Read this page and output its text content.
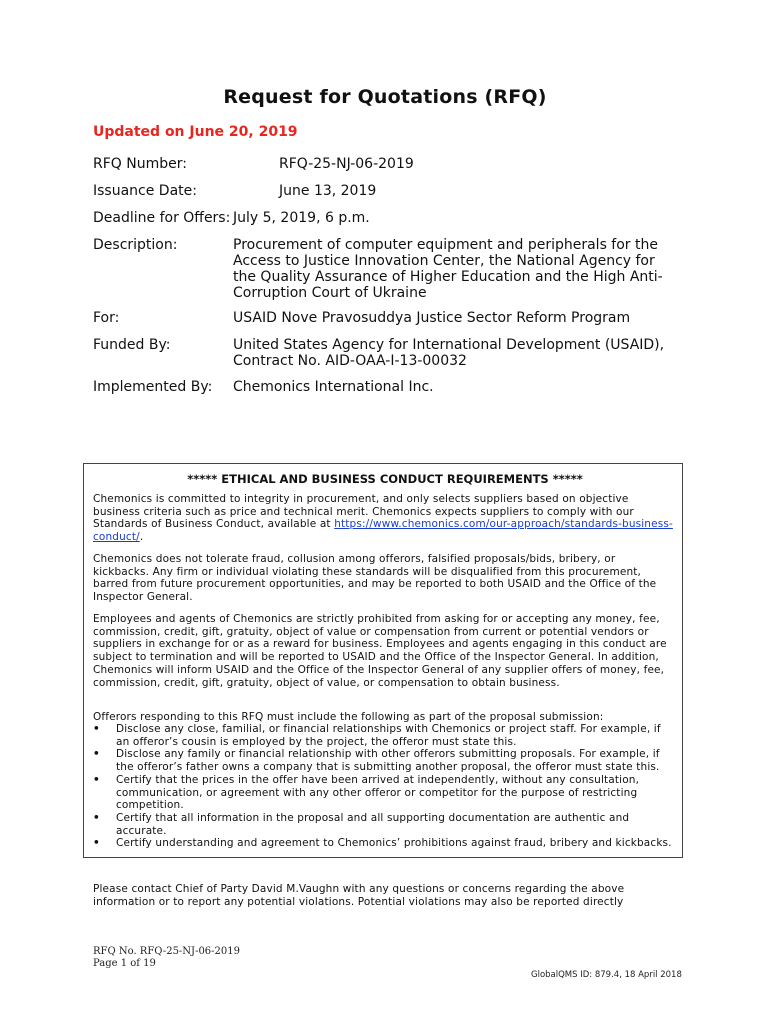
Request for Quotations (RFQ)
Updated on June 20, 2019
RFQ Number:	RFQ-25-NJ-06-2019
Issuance Date:	June 13, 2019
Deadline for Offers: July 5, 2019, 6 p.m.
Description:	Procurement of computer equipment and peripherals for the Access to Justice Innovation Center, the National Agency for the Quality Assurance of Higher Education and the High Anti-Corruption Court of Ukraine
For:	USAID Nove Pravosuddya Justice Sector Reform Program
Funded By:	United States Agency for International Development (USAID), Contract No. AID-OAA-I-13-00032
Implemented By: Chemonics International Inc.
***** ETHICAL AND BUSINESS CONDUCT REQUIREMENTS *****
Chemonics is committed to integrity in procurement, and only selects suppliers based on objective business criteria such as price and technical merit. Chemonics expects suppliers to comply with our Standards of Business Conduct, available at https://www.chemonics.com/our-approach/standards-business-conduct/.
Chemonics does not tolerate fraud, collusion among offerors, falsified proposals/bids, bribery, or kickbacks. Any firm or individual violating these standards will be disqualified from this procurement, barred from future procurement opportunities, and may be reported to both USAID and the Office of the Inspector General.
Employees and agents of Chemonics are strictly prohibited from asking for or accepting any money, fee, commission, credit, gift, gratuity, object of value or compensation from current or potential vendors or suppliers in exchange for or as a reward for business. Employees and agents engaging in this conduct are subject to termination and will be reported to USAID and the Office of the Inspector General. In addition, Chemonics will inform USAID and the Office of the Inspector General of any supplier offers of money, fee, commission, credit, gift, gratuity, object of value, or compensation to obtain business.
Offerors responding to this RFQ must include the following as part of the proposal submission:
• Disclose any close, familial, or financial relationships with Chemonics or project staff. For example, if an offeror’s cousin is employed by the project, the offeror must state this.
• Disclose any family or financial relationship with other offerors submitting proposals. For example, if the offeror’s father owns a company that is submitting another proposal, the offeror must state this.
• Certify that the prices in the offer have been arrived at independently, without any consultation, communication, or agreement with any other offeror or competitor for the purpose of restricting competition.
• Certify that all information in the proposal and all supporting documentation are authentic and accurate.
• Certify understanding and agreement to Chemonics’ prohibitions against fraud, bribery and kickbacks.
Please contact Chief of Party David M.Vaughn with any questions or concerns regarding the above information or to report any potential violations. Potential violations may also be reported directly
RFQ No. RFQ-25-NJ-06-2019
Page 1 of 19
GlobalQMS ID: 879.4, 18 April 2018
